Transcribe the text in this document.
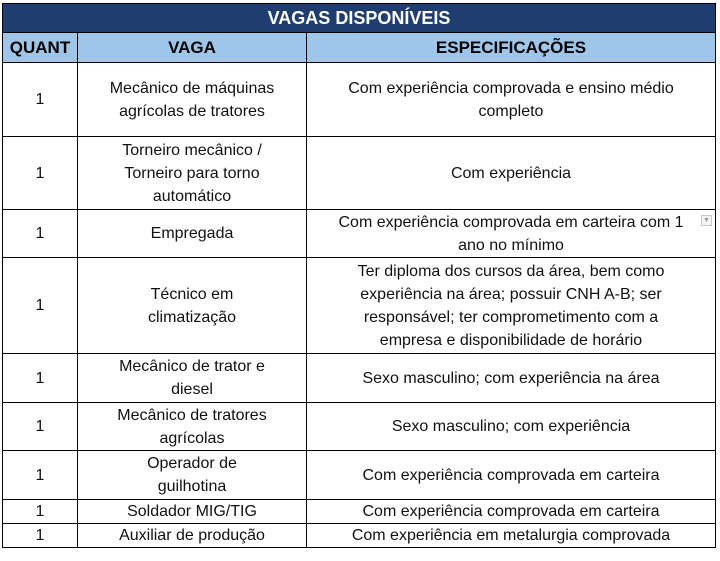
VAGAS DISPONÍVEIS		
QUANT	VAGA	ESPECIFICAÇÕES
1	Mecânico de máquinas agrícolas de tratores	Com experiência comprovada e ensino médio completo
1	Torneiro mecânico / Torneiro para torno automático	Com experiência
1	Empregada	Com experiência comprovada em carteira com 1 ano no mínimo
1	Técnico em climatização	Ter diploma dos cursos da área, bem como experiência na área; possuir CNH A-B; ser responsável; ter comprometimento com a empresa e disponibilidade de horário
1	Mecânico de trator e diesel	Sexo masculino; com experiência na área
1	Mecânico de tratores agrícolas	Sexo masculino; com experiência
1	Operador de guilhotina	Com experiência comprovada em carteira
1	Soldador MIG/TIG	Com experiência comprovada em carteira
1	Auxiliar de produção	Com experiência em metalurgia comprovada
▼
